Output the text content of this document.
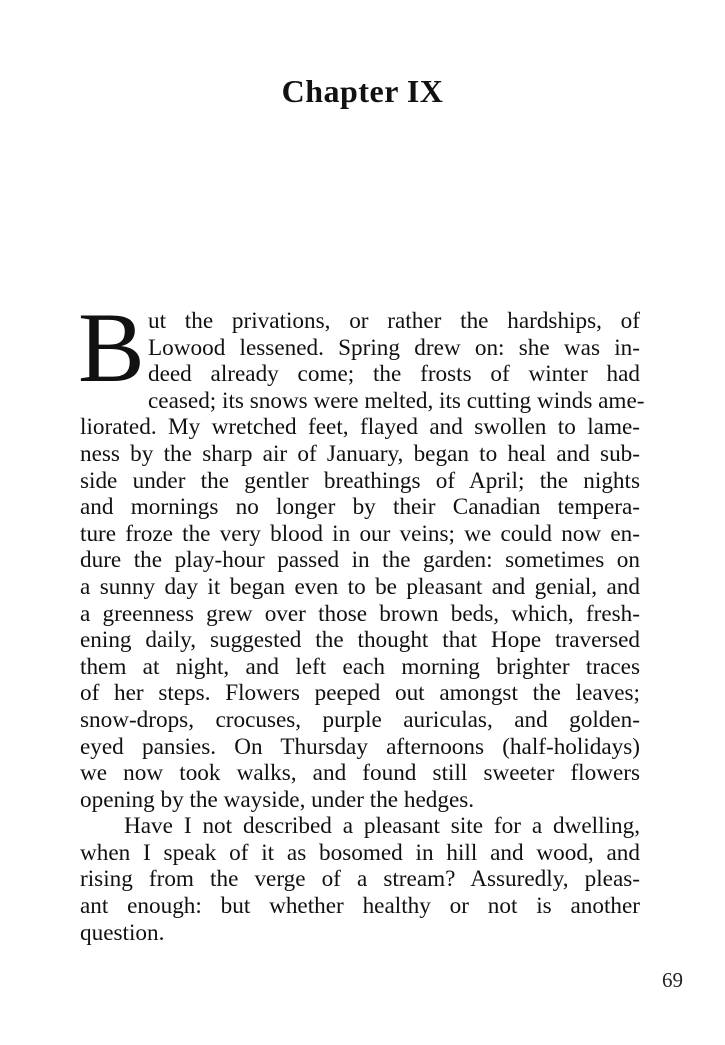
Chapter IX
B ut the privations, or rather the hardships, of
Lowood lessened. Spring drew on: she was in-
deed already come; the frosts of winter had
ceased; its snows were melted, its cutting winds ame-
liorated. My wretched feet, flayed and swollen to lame-
ness by the sharp air of January, began to heal and sub-
side under the gentler breathings of April; the nights
and mornings no longer by their Canadian tempera-
ture froze the very blood in our veins; we could now en-
dure the play-hour passed in the garden: sometimes on
a sunny day it began even to be pleasant and genial, and
a greenness grew over those brown beds, which, fresh-
ening daily, suggested the thought that Hope traversed
them at night, and left each morning brighter traces
of her steps. Flowers peeped out amongst the leaves;
snow-drops, crocuses, purple auriculas, and golden-
eyed pansies. On Thursday afternoons (half-holidays)
we now took walks, and found still sweeter flowers
opening by the wayside, under the hedges.
Have I not described a pleasant site for a dwelling,
when I speak of it as bosomed in hill and wood, and
rising from the verge of a stream? Assuredly, pleas-
ant enough: but whether healthy or not is another
question.

69
